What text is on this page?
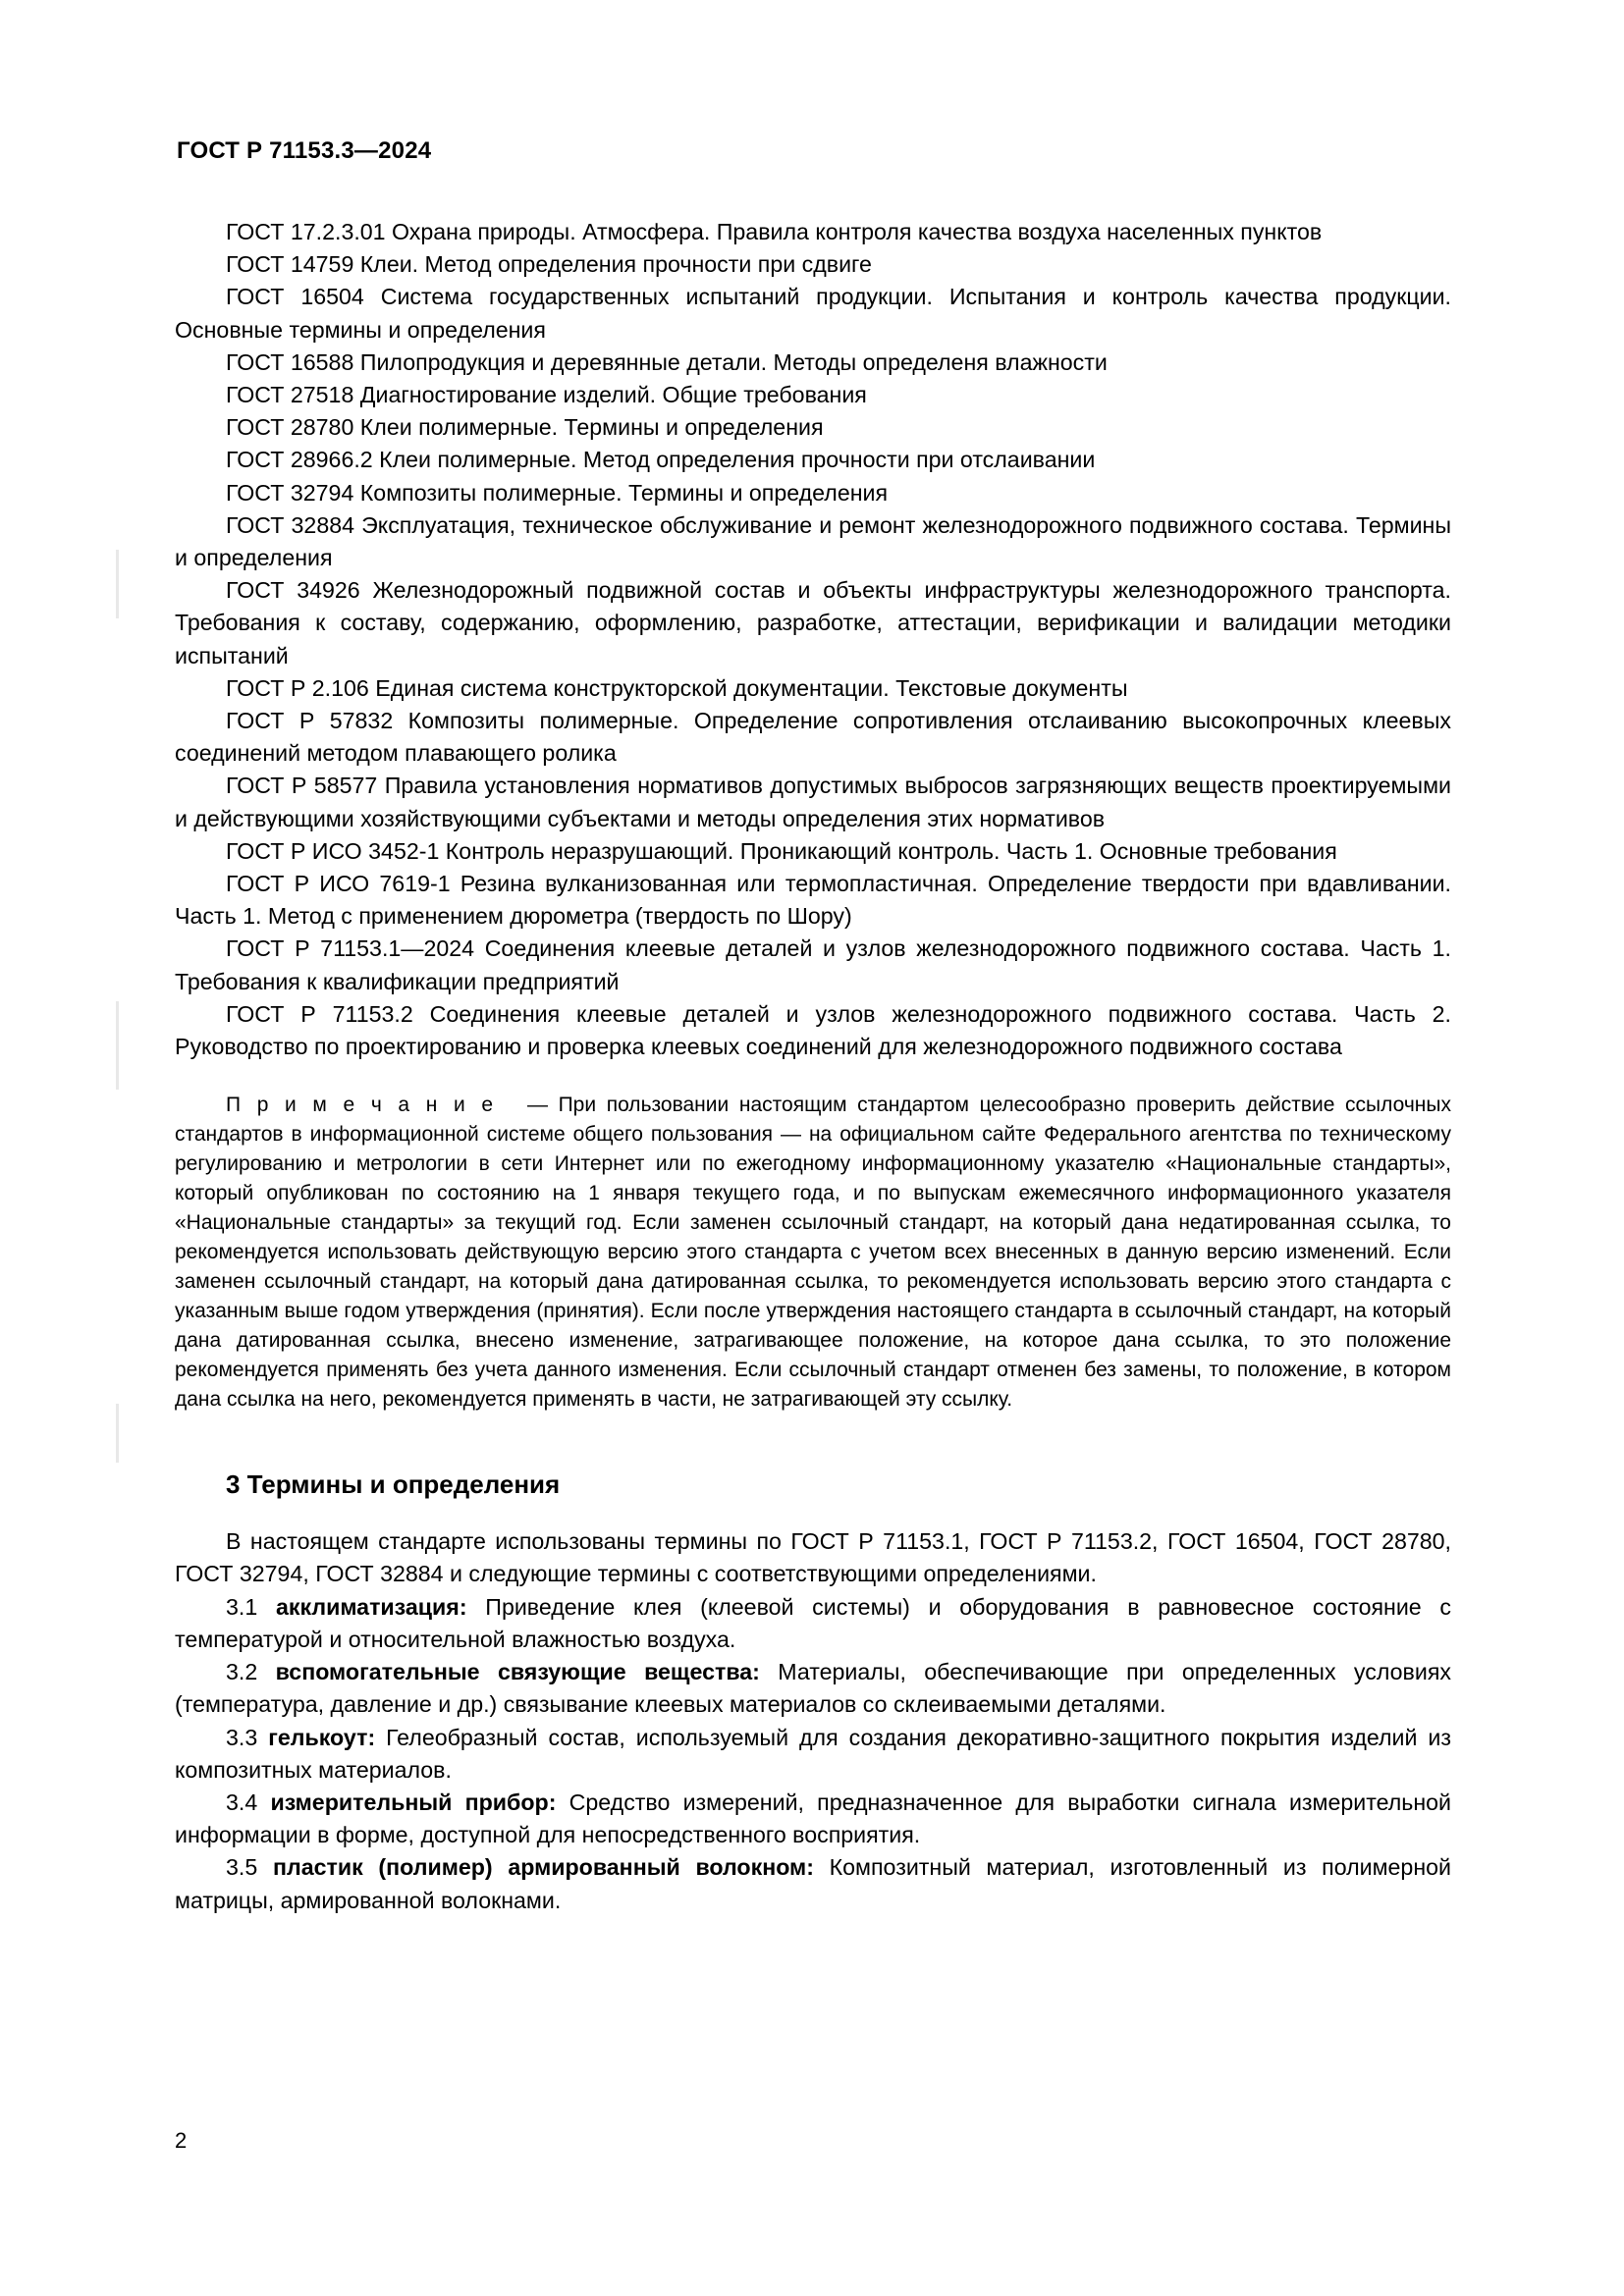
ГОСТ Р 71153.3—2024

ГОСТ 17.2.3.01 Охрана природы. Атмосфера. Правила контроля качества воздуха населенных пунктов

ГОСТ 14759 Клеи. Метод определения прочности при сдвиге

ГОСТ 16504 Система государственных испытаний продукции. Испытания и контроль качества продукции. Основные термины и определения

ГОСТ 16588 Пилопродукция и деревянные детали. Методы определеня влажности

ГОСТ 27518 Диагностирование изделий. Общие требования

ГОСТ 28780 Клеи полимерные. Термины и определения

ГОСТ 28966.2 Клеи полимерные. Метод определения прочности при отслаивании

ГОСТ 32794 Композиты полимерные. Термины и определения

ГОСТ 32884 Эксплуатация, техническое обслуживание и ремонт железнодорожного подвижного состава. Термины и определения

ГОСТ 34926 Железнодорожный подвижной состав и объекты инфраструктуры железнодорожного транспорта. Требования к составу, содержанию, оформлению, разработке, аттестации, верификации и валидации методики испытаний

ГОСТ Р 2.106 Единая система конструкторской документации. Текстовые документы

ГОСТ Р 57832 Композиты полимерные. Определение сопротивления отслаиванию высокопрочных клеевых соединений методом плавающего ролика

ГОСТ Р 58577 Правила установления нормативов допустимых выбросов загрязняющих веществ проектируемыми и действующими хозяйствующими субъектами и методы определения этих нормативов

ГОСТ Р ИСО 3452-1 Контроль неразрушающий. Проникающий контроль. Часть 1. Основные требования

ГОСТ Р ИСО 7619-1 Резина вулканизованная или термопластичная. Определение твердости при вдавливании. Часть 1. Метод с применением дюрометра (твердость по Шору)

ГОСТ Р 71153.1—2024 Соединения клеевые деталей и узлов железнодорожного подвижного состава. Часть 1. Требования к квалификации предприятий

ГОСТ Р 71153.2 Соединения клеевые деталей и узлов железнодорожного подвижного состава. Часть 2. Руководство по проектированию и проверка клеевых соединений для железнодорожного подвижного состава

П р и м е ч а н и е — При пользовании настоящим стандартом целесообразно проверить действие ссылочных стандартов в информационной системе общего пользования — на официальном сайте Федерального агентства по техническому регулированию и метрологии в сети Интернет или по ежегодному информационному указателю «Национальные стандарты», который опубликован по состоянию на 1 января текущего года, и по выпускам ежемесячного информационного указателя «Национальные стандарты» за текущий год. Если заменен ссылочный стандарт, на который дана недатированная ссылка, то рекомендуется использовать действующую версию этого стандарта с учетом всех внесенных в данную версию изменений. Если заменен ссылочный стандарт, на который дана датированная ссылка, то рекомендуется использовать версию этого стандарта с указанным выше годом утверждения (принятия). Если после утверждения настоящего стандарта в ссылочный стандарт, на который дана датированная ссылка, внесено изменение, затрагивающее положение, на которое дана ссылка, то это положение рекомендуется применять без учета данного изменения. Если ссылочный стандарт отменен без замены, то положение, в котором дана ссылка на него, рекомендуется применять в части, не затрагивающей эту ссылку.

3 Термины и определения

В настоящем стандарте использованы термины по ГОСТ Р 71153.1, ГОСТ Р 71153.2, ГОСТ 16504, ГОСТ 28780, ГОСТ 32794, ГОСТ 32884 и следующие термины с соответствующими определениями.

3.1 акклиматизация: Приведение клея (клеевой системы) и оборудования в равновесное состояние с температурой и относительной влажностью воздуха.

3.2 вспомогательные связующие вещества: Материалы, обеспечивающие при определенных условиях (температура, давление и др.) связывание клеевых материалов со склеиваемыми деталями.

3.3 гелькоут: Гелеобразный состав, используемый для создания декоративно-защитного покрытия изделий из композитных материалов.

3.4 измерительный прибор: Средство измерений, предназначенное для выработки сигнала измерительной информации в форме, доступной для непосредственного восприятия.

3.5 пластик (полимер) армированный волокном: Композитный материал, изготовленный из полимерной матрицы, армированной волокнами.

2
